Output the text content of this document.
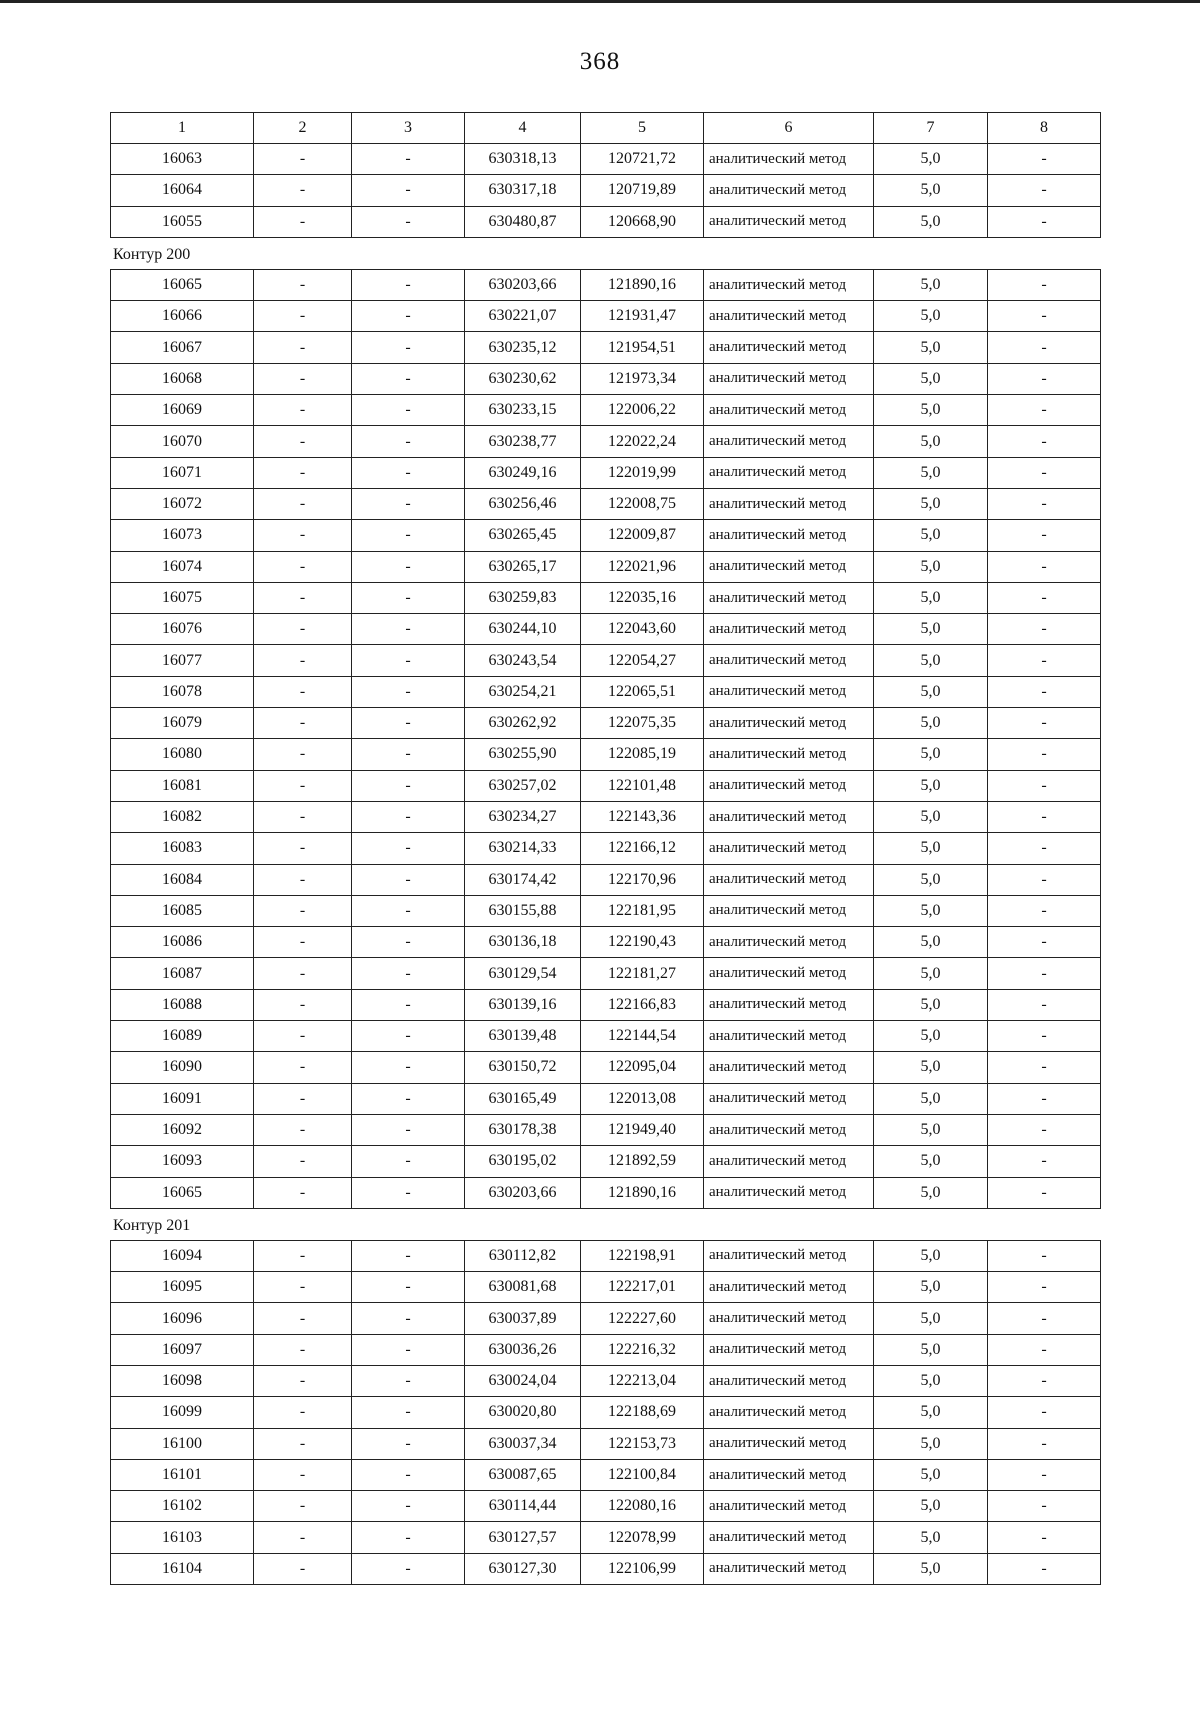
368
1	2	3	4	5	6	7	8
16063	-	-	630318,13	120721,72	аналитический метод	5,0	-
16064	-	-	630317,18	120719,89	аналитический метод	5,0	-
16055	-	-	630480,87	120668,90	аналитический метод	5,0	-
Контур 200
16065	-	-	630203,66	121890,16	аналитический метод	5,0	-
16066	-	-	630221,07	121931,47	аналитический метод	5,0	-
16067	-	-	630235,12	121954,51	аналитический метод	5,0	-
16068	-	-	630230,62	121973,34	аналитический метод	5,0	-
16069	-	-	630233,15	122006,22	аналитический метод	5,0	-
16070	-	-	630238,77	122022,24	аналитический метод	5,0	-
16071	-	-	630249,16	122019,99	аналитический метод	5,0	-
16072	-	-	630256,46	122008,75	аналитический метод	5,0	-
16073	-	-	630265,45	122009,87	аналитический метод	5,0	-
16074	-	-	630265,17	122021,96	аналитический метод	5,0	-
16075	-	-	630259,83	122035,16	аналитический метод	5,0	-
16076	-	-	630244,10	122043,60	аналитический метод	5,0	-
16077	-	-	630243,54	122054,27	аналитический метод	5,0	-
16078	-	-	630254,21	122065,51	аналитический метод	5,0	-
16079	-	-	630262,92	122075,35	аналитический метод	5,0	-
16080	-	-	630255,90	122085,19	аналитический метод	5,0	-
16081	-	-	630257,02	122101,48	аналитический метод	5,0	-
16082	-	-	630234,27	122143,36	аналитический метод	5,0	-
16083	-	-	630214,33	122166,12	аналитический метод	5,0	-
16084	-	-	630174,42	122170,96	аналитический метод	5,0	-
16085	-	-	630155,88	122181,95	аналитический метод	5,0	-
16086	-	-	630136,18	122190,43	аналитический метод	5,0	-
16087	-	-	630129,54	122181,27	аналитический метод	5,0	-
16088	-	-	630139,16	122166,83	аналитический метод	5,0	-
16089	-	-	630139,48	122144,54	аналитический метод	5,0	-
16090	-	-	630150,72	122095,04	аналитический метод	5,0	-
16091	-	-	630165,49	122013,08	аналитический метод	5,0	-
16092	-	-	630178,38	121949,40	аналитический метод	5,0	-
16093	-	-	630195,02	121892,59	аналитический метод	5,0	-
16065	-	-	630203,66	121890,16	аналитический метод	5,0	-
Контур 201
16094	-	-	630112,82	122198,91	аналитический метод	5,0	-
16095	-	-	630081,68	122217,01	аналитический метод	5,0	-
16096	-	-	630037,89	122227,60	аналитический метод	5,0	-
16097	-	-	630036,26	122216,32	аналитический метод	5,0	-
16098	-	-	630024,04	122213,04	аналитический метод	5,0	-
16099	-	-	630020,80	122188,69	аналитический метод	5,0	-
16100	-	-	630037,34	122153,73	аналитический метод	5,0	-
16101	-	-	630087,65	122100,84	аналитический метод	5,0	-
16102	-	-	630114,44	122080,16	аналитический метод	5,0	-
16103	-	-	630127,57	122078,99	аналитический метод	5,0	-
16104	-	-	630127,30	122106,99	аналитический метод	5,0	-
